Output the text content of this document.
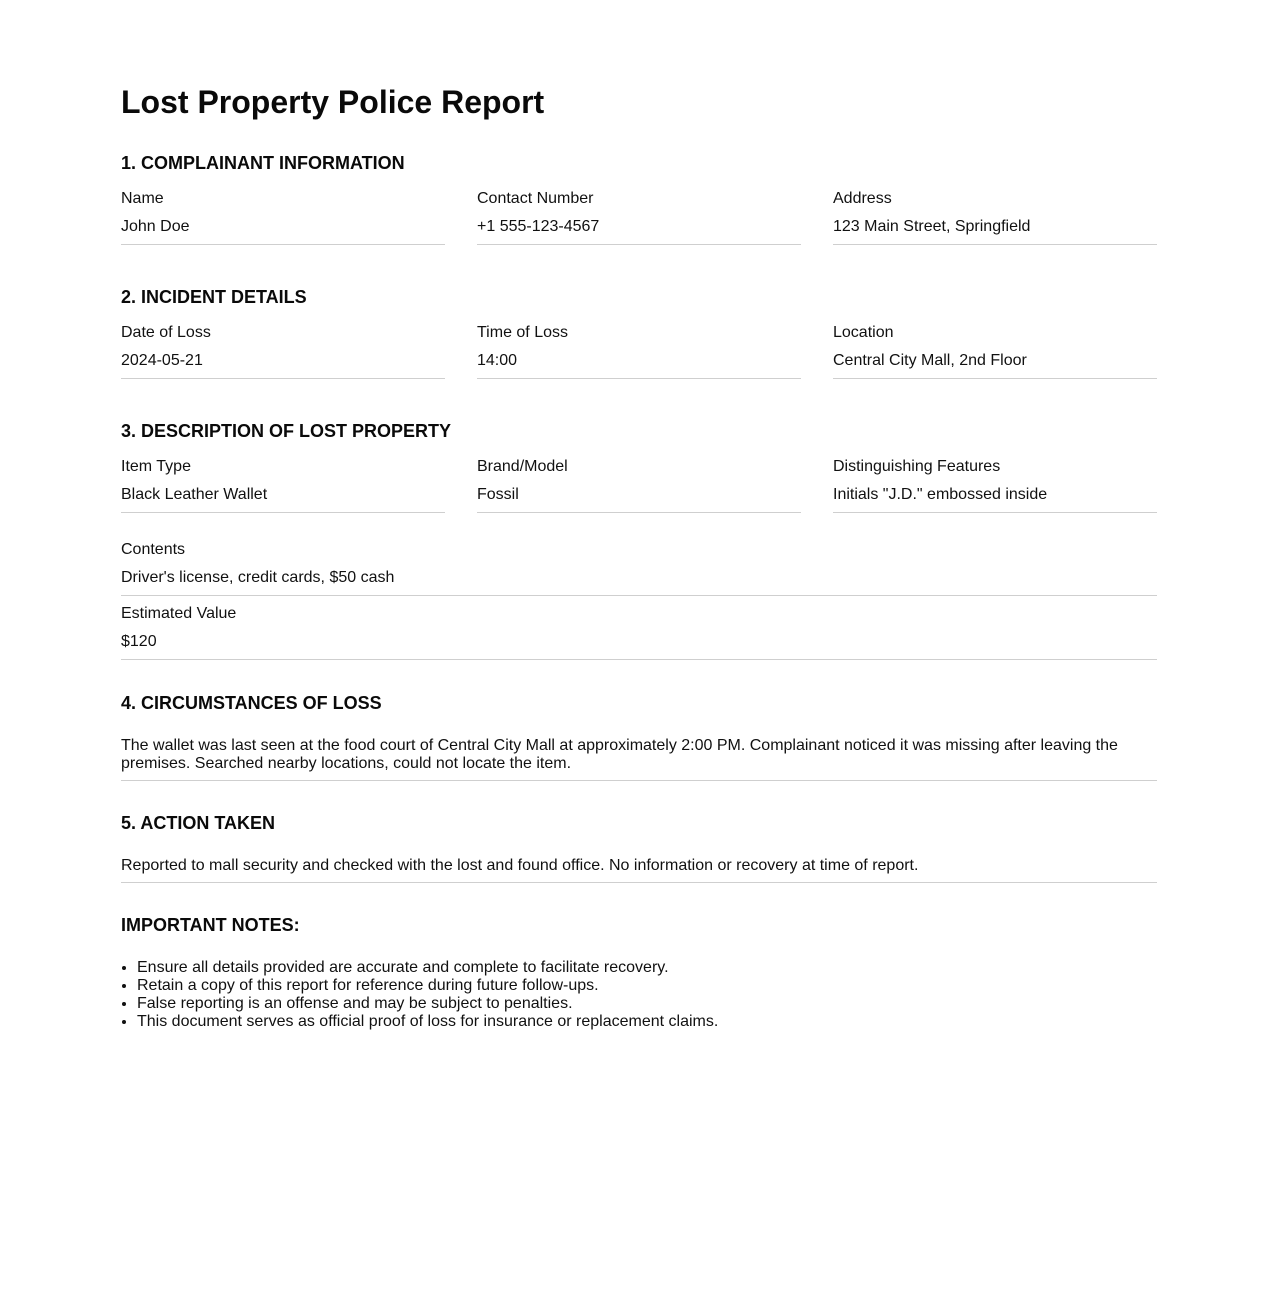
Lost Property Police Report
1. COMPLAINANT INFORMATION
Name
John Doe
Contact Number
+1 555-123-4567
Address
123 Main Street, Springfield
2. INCIDENT DETAILS
Date of Loss
2024-05-21
Time of Loss
14:00
Location
Central City Mall, 2nd Floor
3. DESCRIPTION OF LOST PROPERTY
Item Type
Black Leather Wallet
Brand/Model
Fossil
Distinguishing Features
Initials "J.D." embossed inside
Contents
Driver's license, credit cards, $50 cash
Estimated Value
$120
4. CIRCUMSTANCES OF LOSS
The wallet was last seen at the food court of Central City Mall at approximately 2:00 PM. Complainant noticed it was missing after leaving the premises. Searched nearby locations, could not locate the item.
5. ACTION TAKEN
Reported to mall security and checked with the lost and found office. No information or recovery at time of report.
IMPORTANT NOTES:
• Ensure all details provided are accurate and complete to facilitate recovery.
• Retain a copy of this report for reference during future follow-ups.
• False reporting is an offense and may be subject to penalties.
• This document serves as official proof of loss for insurance or replacement claims.
